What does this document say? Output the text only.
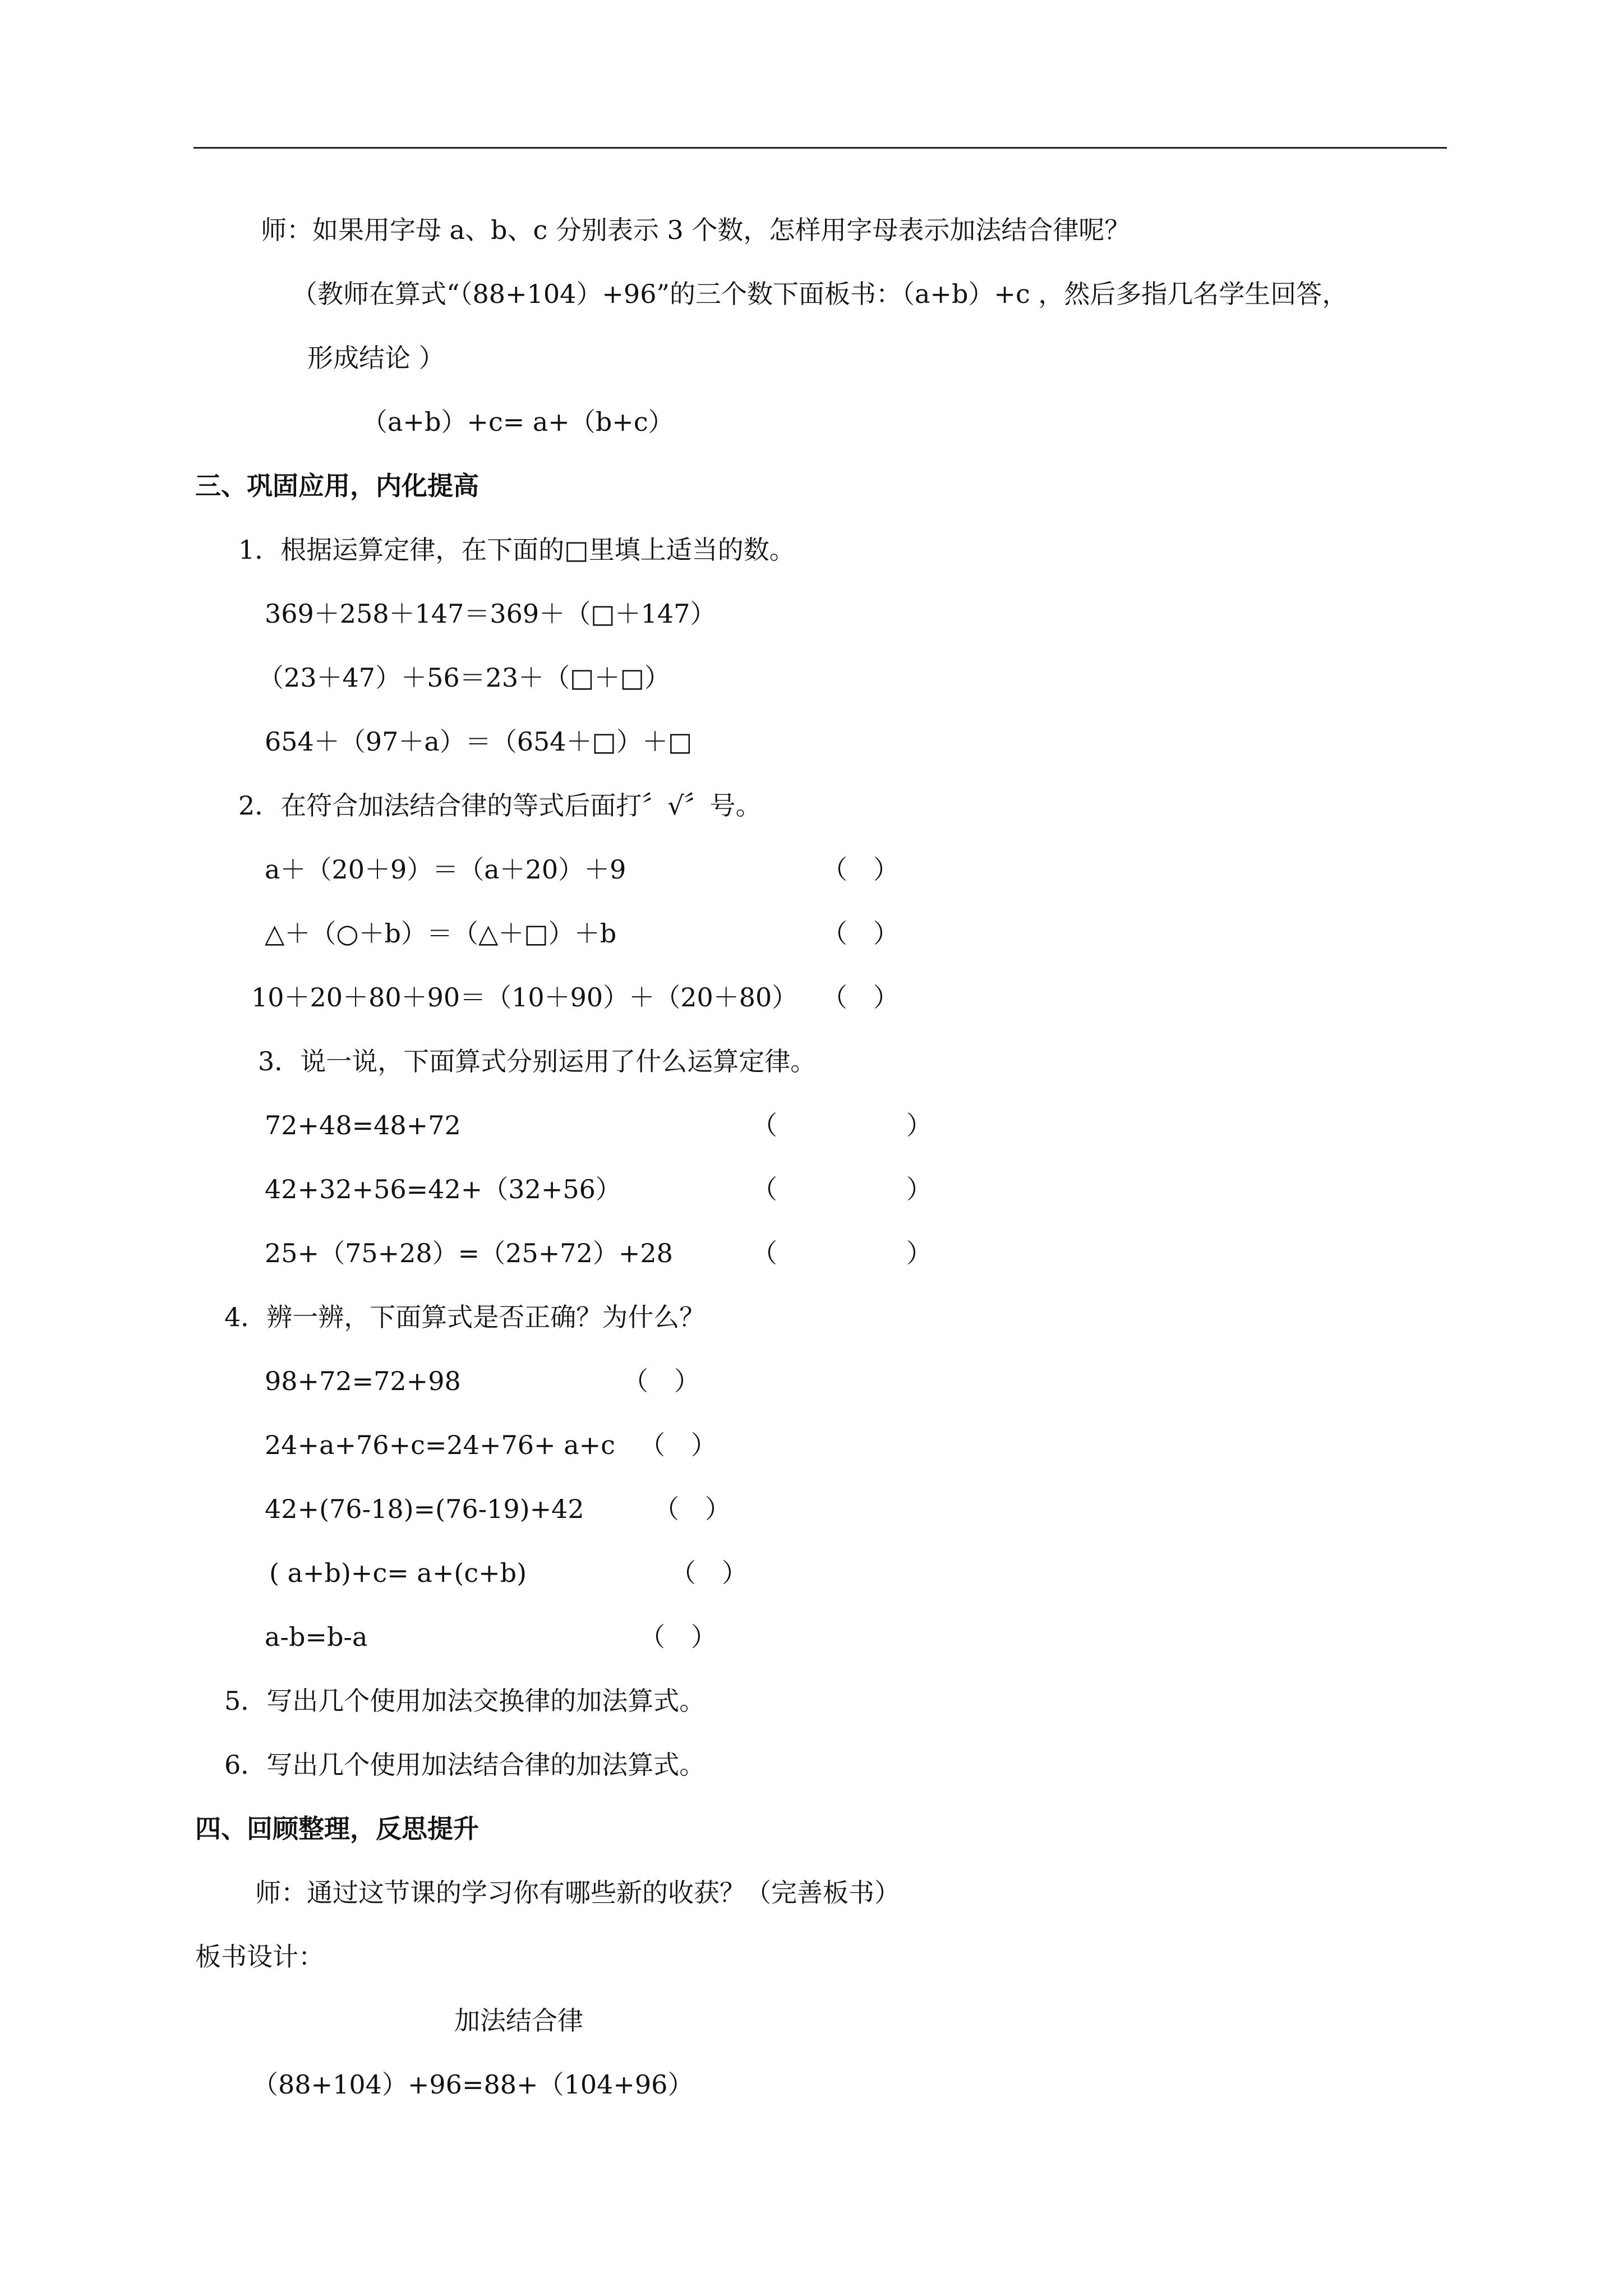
师：如果用字母 a、b、c 分别表示 3 个数，怎样用字母表示加法结合律呢？
（教师在算式“（88+104）+96”的三个数下面板书：（a+b）+c ，然后多指几名学生回答，
形成结论 ）
（a+b）+c= a+（b+c）
三、巩固应用，内化提高
1．根据运算定律，在下面的□里填上适当的数。
369＋258＋147＝369＋（□＋147）
（23＋47）＋56＝23＋（□＋□）
654＋（97＋a）＝（654＋□）＋□
2．在符合加法结合律的等式后面打〞√〞号。
a＋（20＋9）＝（a＋20）＋9	（　）
△＋（○＋b）＝（△＋□）＋b	（　）
10＋20＋80＋90＝（10＋90）＋（20＋80） （　）
3．说一说，下面算式分别运用了什么运算定律。
72+48=48+72	（　　　　　）
42+32+56=42+（32+56）	（　　　　　）
25+（75+28）=（25+72）+28	（　　　　　）
4．辨一辨，下面算式是否正确？为什么？
98+72=72+98	（　）
24+a+76+c=24+76+ a+c （　）
42+(76-18)=(76-19)+42	（　）
( a+b)+c= a+(c+b)	（　）
a-b=b-a	（　）
5．写出几个使用加法交换律的加法算式。
6．写出几个使用加法结合律的加法算式。
四、回顾整理，反思提升
师：通过这节课的学习你有哪些新的收获？（完善板书）
板书设计：
加法结合律
（88+104）+96=88+（104+96）
